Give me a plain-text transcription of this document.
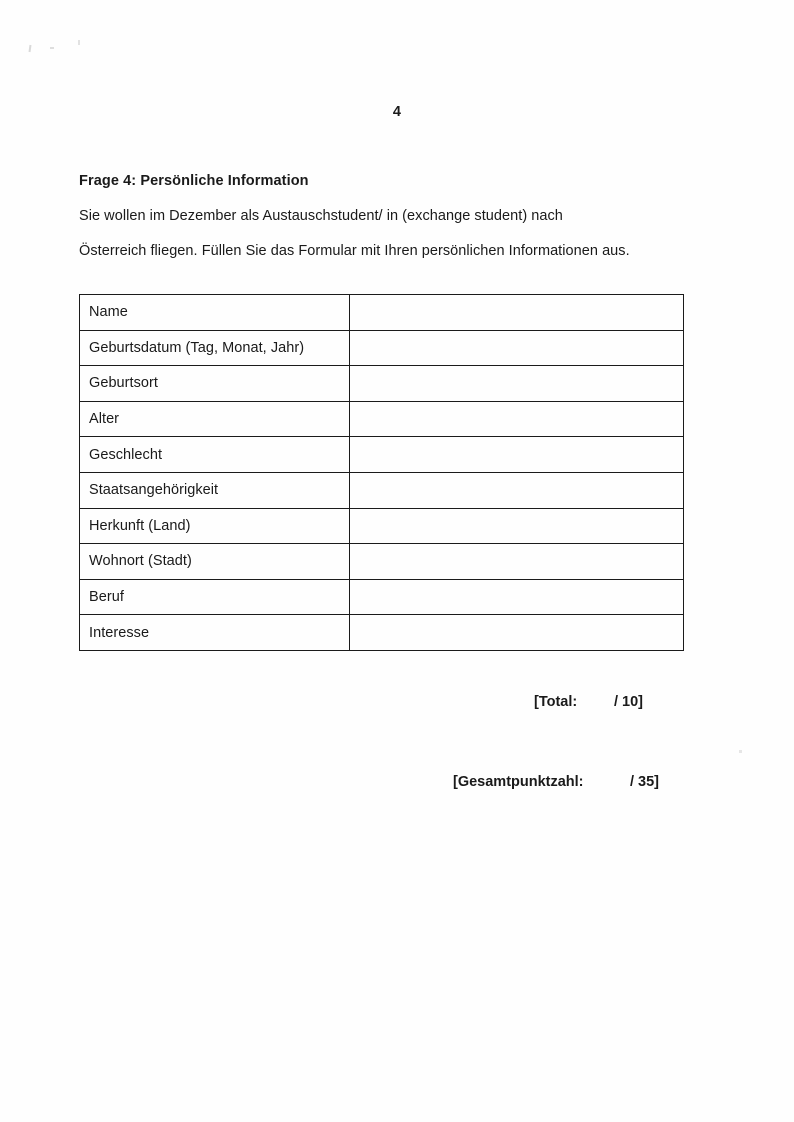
4
Frage 4: Persönliche Information
Sie wollen im Dezember als Austauschstudent/ in (exchange student) nach
Österreich fliegen. Füllen Sie das Formular mit Ihren persönlichen Informationen aus.
Name	
Geburtsdatum (Tag, Monat, Jahr)	
Geburtsort	
Alter	
Geschlecht	
Staatsangehörigkeit	
Herkunft (Land)	
Wohnort (Stadt)	
Beruf	
Interesse	
[Total:	/ 10]
[Gesamtpunktzahl:	/ 35]
